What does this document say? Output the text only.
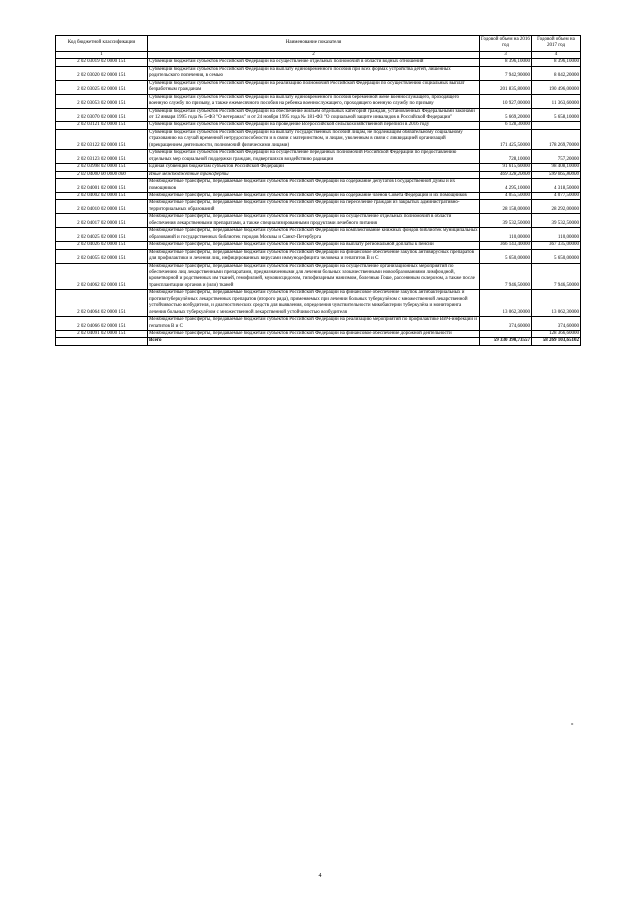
Код бюджетной классификации	Наименование показателя	Годовой объем на 2016 год	Годовой объем на 2017 год
1	2	3	4
2 02 03019 02 0000 151	Субвенции бюджетам субъектов Российской Федерации на осуществление отдельных полномочий в области водных отношений	8 396,10000	8 396,10000
2 02 03020 02 0000 151	Субвенции бюджетам субъектов Российской Федерации на выплату единовременного пособия при всех формах устройства детей, лишенных родительского попечения, в семью	7 942,90000	8 042,20000
2 02 03025 02 0000 151	Субвенции бюджетам субъектов Российской Федерации на реализацию полномочий Российской Федерации по осуществлению социальных выплат безработным гражданам	201 835,80000	190 496,00000
2 02 03053 02 0000 151	Субвенции бюджетам субъектов Российской Федерации на выплату единовременного пособия беременной жене военнослужащего, проходящего военную службу по призыву, а также ежемесячного пособия на ребенка военнослужащего, проходящего военную службу по призыву	10 927,00000	11 363,60000
2 02 03070 02 0000 151	Субвенции бюджетам субъектов Российской Федерации на обеспечение жильем отдельных категорий граждан, установленных Федеральными законами от 12 января 1995 года № 5-ФЗ "О ветеранах" и от 24 ноября 1995 года № 181-ФЗ "О социальной защите инвалидов в Российской Федерации"	5 669,20000	5 658,10000
2 02 03121 02 0000 151	Субвенции бюджетам субъектов Российской Федерации на проведение Всероссийской сельскохозяйственной переписи в 2016 году	6 128,30000	
2 02 03122 02 0000 151	Субвенции бюджетам субъектов Российской Федерации на выплату государственных пособий лицам, не подлежащим обязательному социальному страхованию на случай временной нетрудоспособности и в связи с материнством, и лицам, уволенным в связи с ликвидацией организаций (прекращением деятельности, полномочий физическими лицами)	171 425,50000	178 269,70000
2 02 03123 02 0000 151	Субвенции бюджетам субъектов Российской Федерации на осуществление переданных полномочий Российской Федерации по предоставлению отдельных мер социальной поддержки граждан, подвергшихся воздействию радиации	728,10000	757,20000
2 02 03998 02 0000 151	Единая субвенция бюджетам субъектов Российской Федерации	91 615,60000	98 408,10000
2 02 04000 00 0000 000	Иные межбюджетные трансферты	469 328,20000	599 065,80000
2 02 04001 02 0000 151	Межбюджетные трансферты, передаваемые бюджетам субъектов Российской Федерации на содержание депутатов Государственной Думы и их помощников	4 295,10000	4 318,50000
2 02 04002 02 0000 151	Межбюджетные трансферты, передаваемые бюджетам субъектов Российской Федерации на содержание членов Совета Федерации и их помощников	4 055,50000	4 077,50000
2 02 04010 02 0000 151	Межбюджетные трансферты, передаваемые бюджетам субъектов Российской Федерации на переселение граждан из закрытых административно-территориальных образований	28 158,00000	28 292,00000
2 02 04017 02 0000 151	Межбюджетные трансферты, передаваемые бюджетам субъектов Российской Федерации на осуществление отдельных полномочий в области обеспечения лекарственными препаратами, а также специализированными продуктами лечебного питания	39 532,50000	39 532,50000
2 02 04025 02 0000 151	Межбюджетные трансферты, передаваемые бюджетам субъектов Российской Федерации на комплектование книжных фондов библиотек муниципальных образований и государственных библиотек городов Москвы и Санкт-Петербурга	110,00000	110,00000
2 02 04026 02 0000 151	Межбюджетные трансферты, передаваемые бюджетам субъектов Российской Федерации на выплату региональной доплаты к пенсии	366 143,40000	367 335,00000
2 02 04055 02 0000 151	Межбюджетные трансферты, передаваемые бюджетам субъектов Российской Федерации на финансовое обеспечение закупок антивирусных препаратов для профилактики и лечения лиц, инфицированных вирусами иммунодефицита человека и гепатитов В и С	5 650,00000	5 650,00000
2 02 04062 02 0000 151	Межбюджетные трансферты, передаваемые бюджетам субъектов Российской Федерации на осуществление организационных мероприятий по обеспечению лиц лекарственными препаратами, предназначенными для лечения больных злокачественными новообразованиями лимфоидной, кроветворной и родственных им тканей, гемофилией, муковисцидозом, гипофизарным нанизмом, болезнью Гоше, рассеянным склерозом, а также после трансплантации органов и (или) тканей	7 946,50000	7 946,50000
2 02 04064 02 0000 151	Межбюджетные трансферты, передаваемые бюджетам субъектов Российской Федерации на финансовое обеспечение закупок антибактериальных и противотуберкулёзных лекарственных препаратов (второго ряда), применяемых при лечении больных туберкулёзом с множественной лекарственной устойчивостью возбудителя, и диагностических средств для выявления, определения чувствительности микобактерии туберкулёза и мониторинга лечения больных туберкулёзом с множественной лекарственной устойчивостью возбудителя	13 062,30000	13 062,30000
2 02 04066 02 0000 151	Межбюджетные трансферты, передаваемые бюджетам субъектов Российской Федерации на реализацию мероприятий по профилактике ВИЧ-инфекции и гепатитов В и С	374,60000	374,60000
2 02 04091 02 0000 151	Межбюджетные трансферты, передаваемые бюджетам субъектов Российской Федерации на финансовое обеспечение дорожной деятельности		128 366,60000
	Всего	59 330 390,73557	58 269 103,65102
»
4
